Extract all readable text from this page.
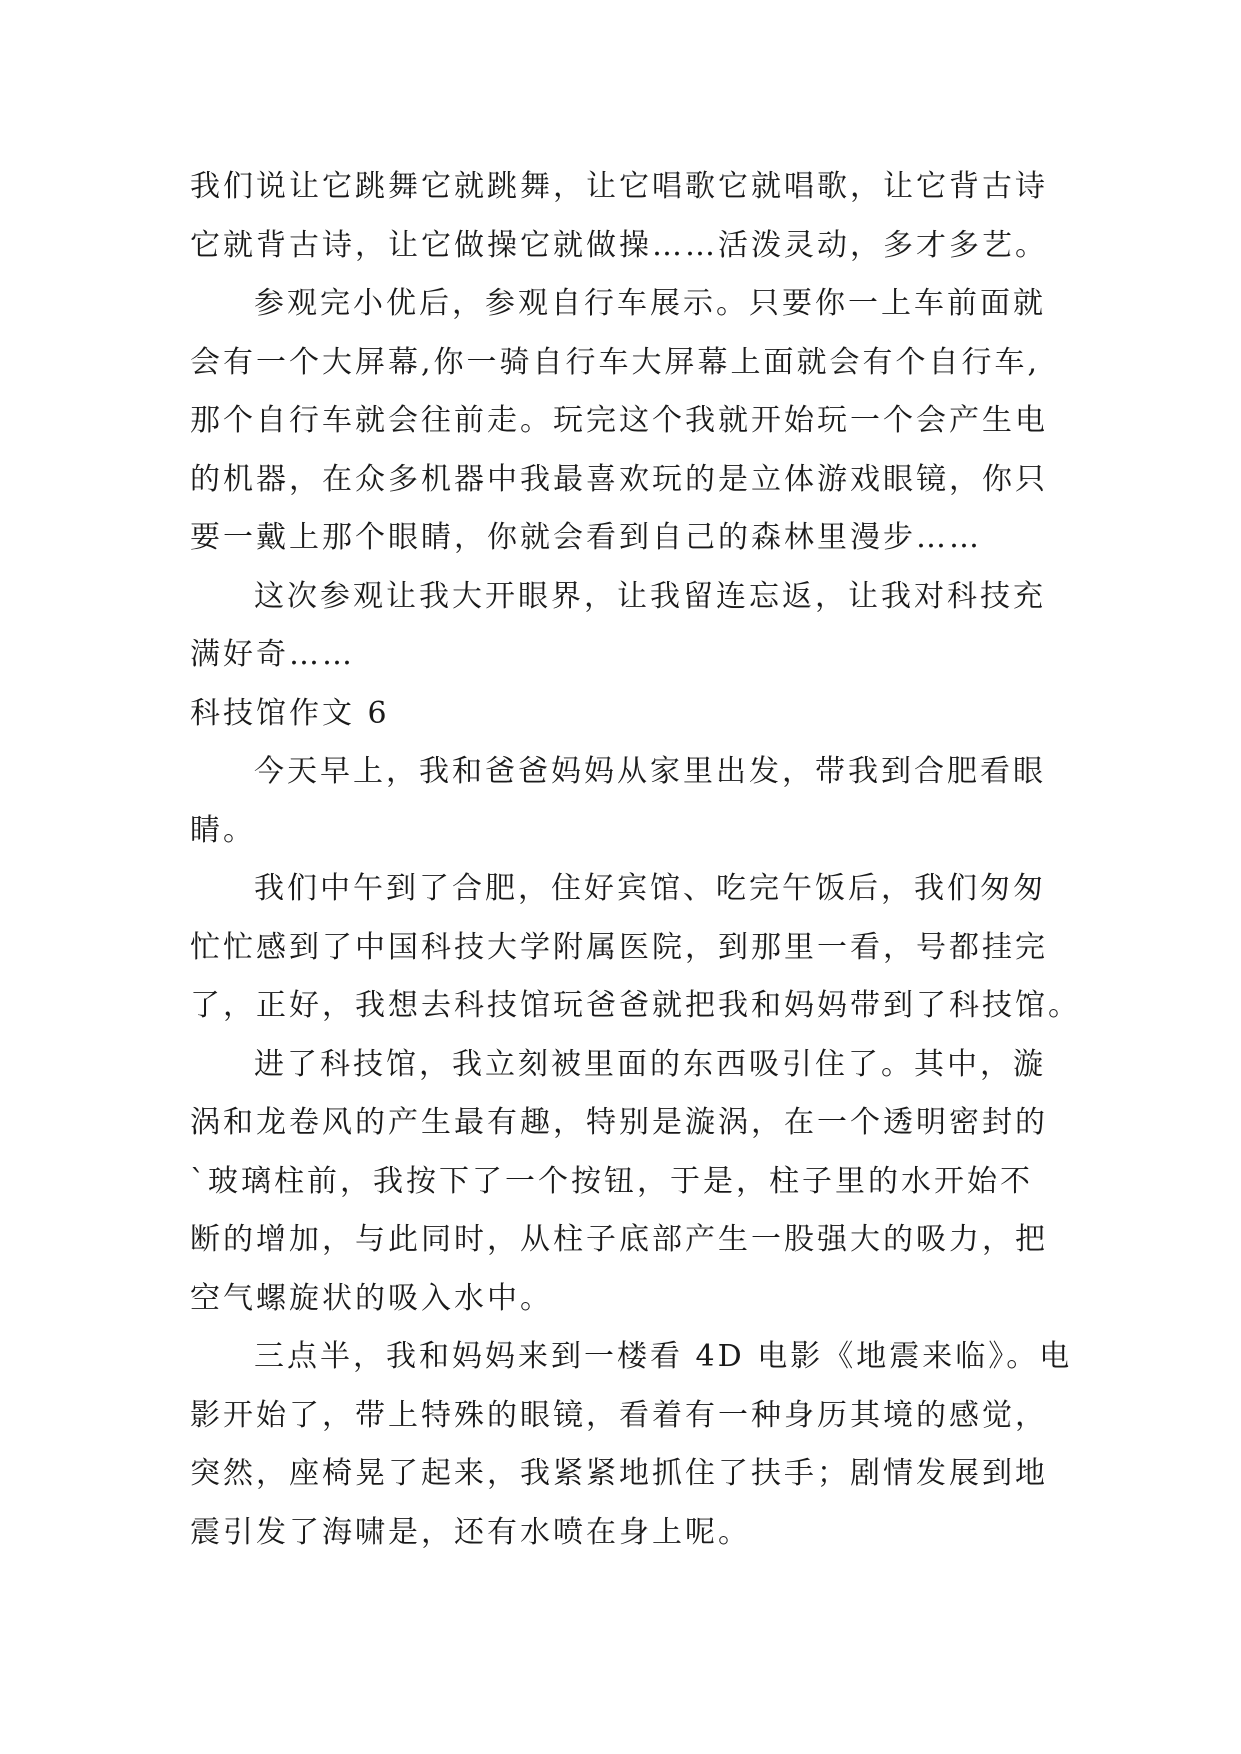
我们说让它跳舞它就跳舞，让它唱歌它就唱歌，让它背古诗
它就背古诗，让它做操它就做操……活泼灵动，多才多艺。
参观完小优后，参观自行车展示。只要你一上车前面就
会有一个大屏幕,你一骑自行车大屏幕上面就会有个自行车,
那个自行车就会往前走。玩完这个我就开始玩一个会产生电
的机器，在众多机器中我最喜欢玩的是立体游戏眼镜，你只
要一戴上那个眼睛，你就会看到自己的森林里漫步……
这次参观让我大开眼界，让我留连忘返，让我对科技充
满好奇……
科技馆作文 6
今天早上，我和爸爸妈妈从家里出发，带我到合肥看眼
睛。
我们中午到了合肥，住好宾馆、吃完午饭后，我们匆匆
忙忙感到了中国科技大学附属医院，到那里一看，号都挂完
了，正好，我想去科技馆玩爸爸就把我和妈妈带到了科技馆。
进了科技馆，我立刻被里面的东西吸引住了。其中，漩
涡和龙卷风的产生最有趣，特别是漩涡，在一个透明密封的
`玻璃柱前，我按下了一个按钮，于是，柱子里的水开始不
断的增加，与此同时，从柱子底部产生一股强大的吸力，把
空气螺旋状的吸入水中。
三点半，我和妈妈来到一楼看 4D 电影《地震来临》。电
影开始了，带上特殊的眼镜，看着有一种身历其境的感觉，
突然，座椅晃了起来，我紧紧地抓住了扶手；剧情发展到地
震引发了海啸是，还有水喷在身上呢。
